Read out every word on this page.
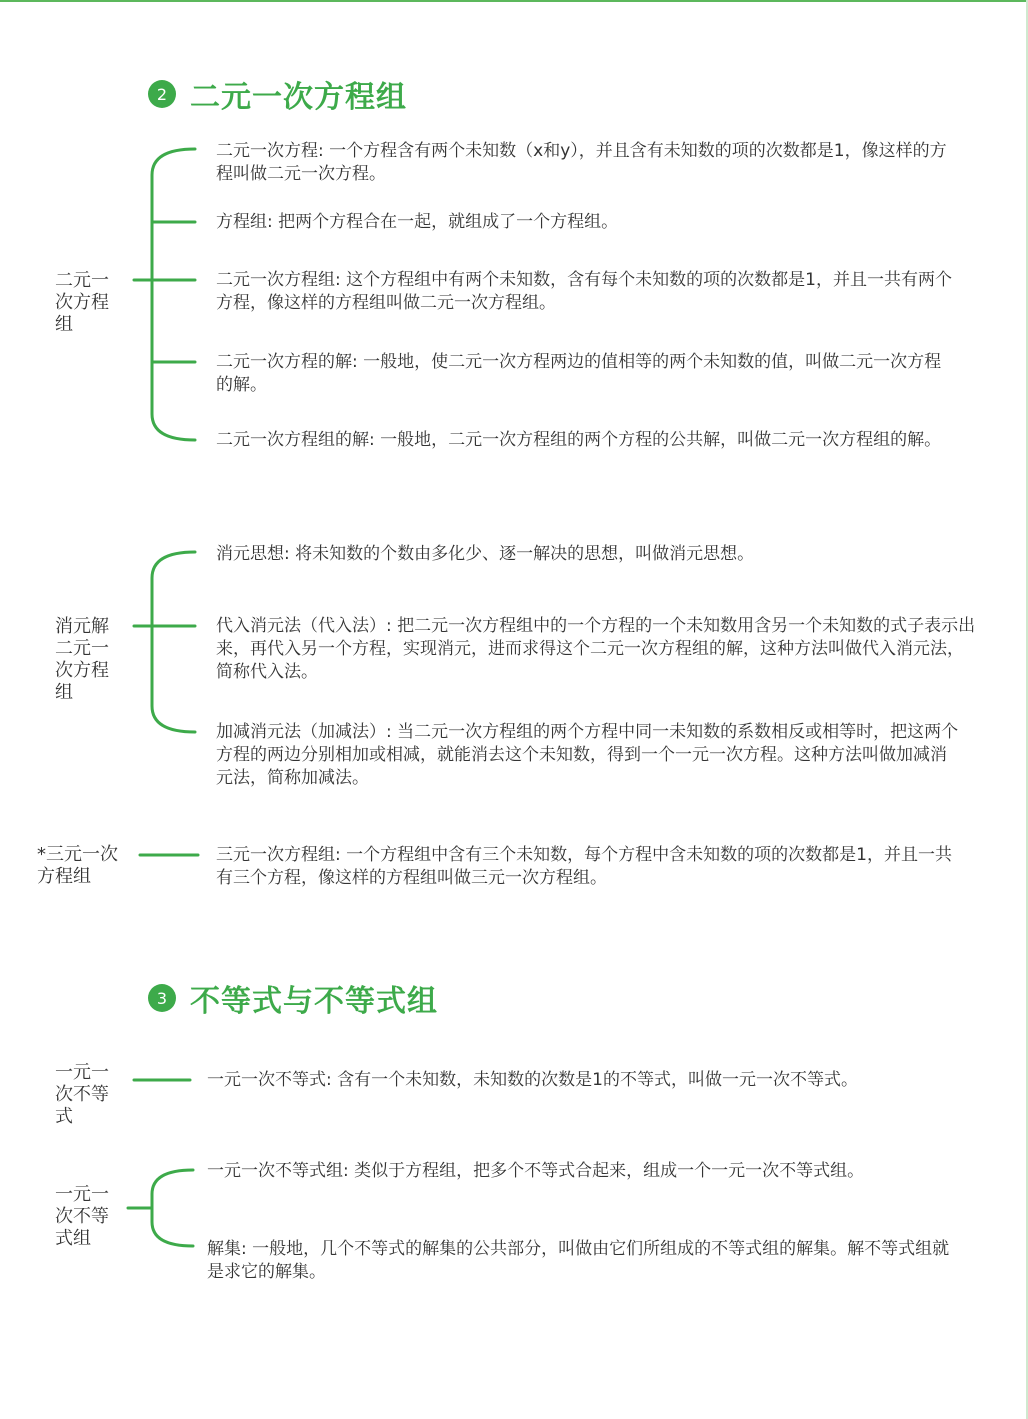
2 二元一次方程组
二元一次方程组
二元一次方程: 一个方程含有两个未知数（x和y），并且含有未知数的项的次数都是1，像这样的方程叫做二元一次方程。
方程组: 把两个方程合在一起，就组成了一个方程组。
二元一次方程组: 这个方程组中有两个未知数，含有每个未知数的项的次数都是1，并且一共有两个方程，像这样的方程组叫做二元一次方程组。
二元一次方程的解: 一般地，使二元一次方程两边的值相等的两个未知数的值，叫做二元一次方程的解。
二元一次方程组的解: 一般地，二元一次方程组的两个方程的公共解，叫做二元一次方程组的解。
消元解二元一次方程组
消元思想: 将未知数的个数由多化少、逐一解决的思想，叫做消元思想。
代入消元法（代入法）: 把二元一次方程组中的一个方程的一个未知数用含另一个未知数的式子表示出来，再代入另一个方程，实现消元，进而求得这个二元一次方程组的解，这种方法叫做代入消元法，简称代入法。
加减消元法（加减法）: 当二元一次方程组的两个方程中同一未知数的系数相反或相等时，把这两个方程的两边分别相加或相减，就能消去这个未知数，得到一个一元一次方程。这种方法叫做加减消元法，简称加减法。
*三元一次方程组
三元一次方程组: 一个方程组中含有三个未知数，每个方程中含未知数的项的次数都是1，并且一共有三个方程，像这样的方程组叫做三元一次方程组。
3 不等式与不等式组
一元一次不等式
一元一次不等式: 含有一个未知数，未知数的次数是1的不等式，叫做一元一次不等式。
一元一次不等式组
一元一次不等式组: 类似于方程组，把多个不等式合起来，组成一个一元一次不等式组。
解集: 一般地，几个不等式的解集的公共部分，叫做由它们所组成的不等式组的解集。解不等式组就是求它的解集。
